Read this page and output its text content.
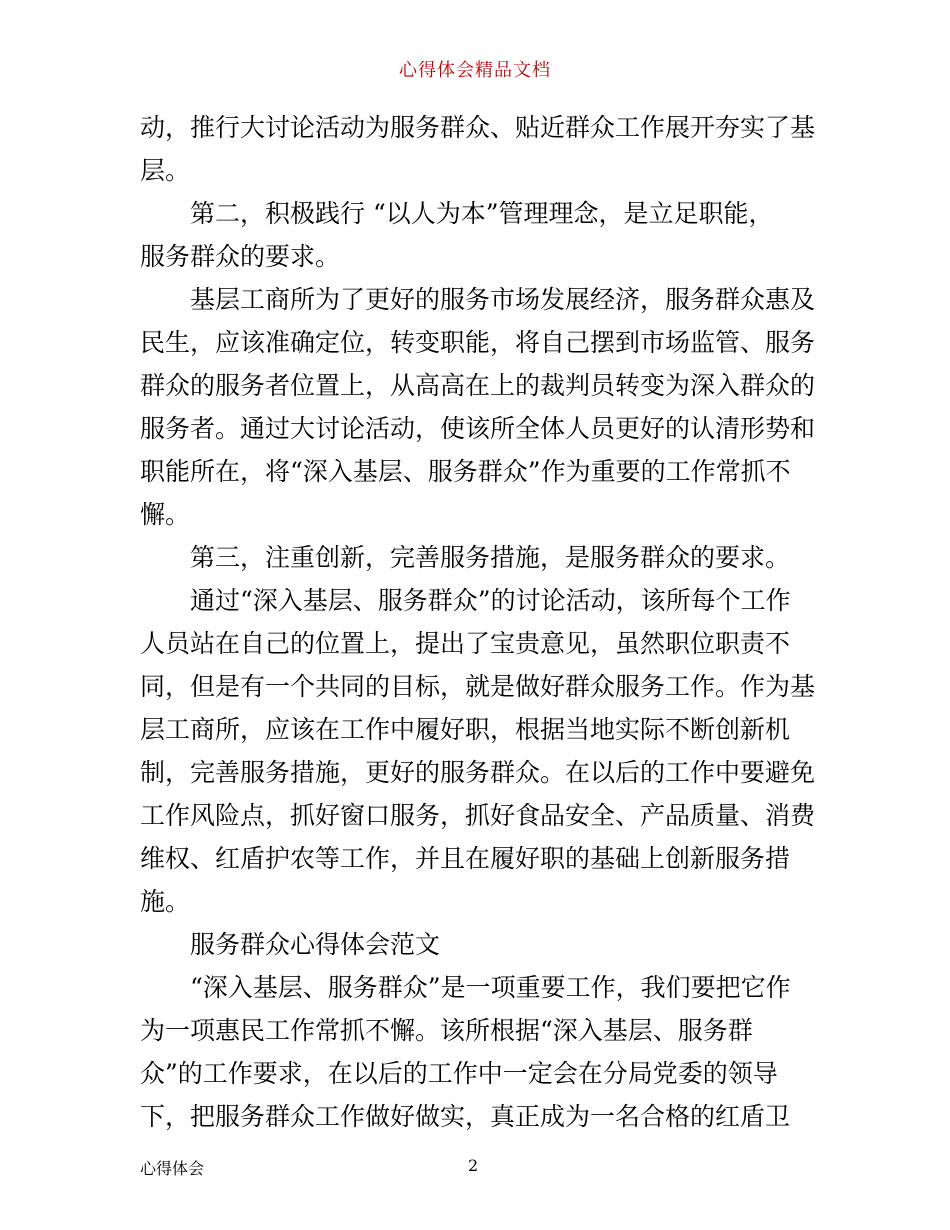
心得体会精品文档
动，推行大讨论活动为服务群众、贴近群众工作展开夯实了基
层。
第二，积极践行 “以人为本”管理理念，是立足职能，
服务群众的要求。
基层工商所为了更好的服务市场发展经济，服务群众惠及
民生，应该准确定位，转变职能，将自己摆到市场监管、服务
群众的服务者位置上，从高高在上的裁判员转变为深入群众的
服务者。通过大讨论活动，使该所全体人员更好的认清形势和
职能所在，将“深入基层、服务群众”作为重要的工作常抓不
懈。
第三，注重创新，完善服务措施，是服务群众的要求。
通过“深入基层、服务群众”的讨论活动，该所每个工作
人员站在自己的位置上，提出了宝贵意见，虽然职位职责不
同，但是有一个共同的目标，就是做好群众服务工作。作为基
层工商所，应该在工作中履好职，根据当地实际不断创新机
制，完善服务措施，更好的服务群众。在以后的工作中要避免
工作风险点，抓好窗口服务，抓好食品安全、产品质量、消费
维权、红盾护农等工作，并且在履好职的基础上创新服务措
施。
服务群众心得体会范文
“深入基层、服务群众”是一项重要工作，我们要把它作
为一项惠民工作常抓不懈。该所根据“深入基层、服务群
众”的工作要求，在以后的工作中一定会在分局党委的领导
下，把服务群众工作做好做实，真正成为一名合格的红盾卫
心得体会	2
